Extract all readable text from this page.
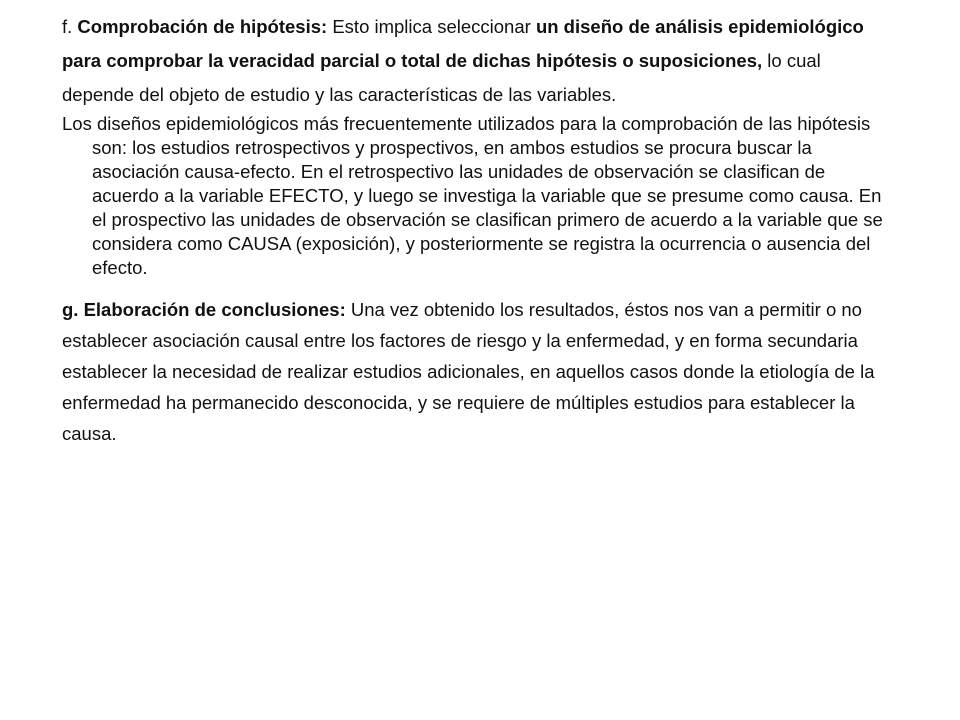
f. Comprobación de hipótesis: Esto implica seleccionar un diseño de análisis epidemiológico para comprobar la veracidad parcial o total de dichas hipótesis o suposiciones, lo cual depende del objeto de estudio y las características de las variables.

Los diseños epidemiológicos más frecuentemente utilizados para la comprobación de las hipótesis son: los estudios retrospectivos y prospectivos, en ambos estudios se procura buscar la asociación causa-efecto. En el retrospectivo las unidades de observación se clasifican de acuerdo a la variable EFECTO, y luego se investiga la variable que se presume como causa. En el prospectivo las unidades de observación se clasifican primero de acuerdo a la variable que se considera como CAUSA (exposición), y posteriormente se registra la ocurrencia o ausencia del efecto.

g. Elaboración de conclusiones: Una vez obtenido los resultados, éstos nos van a permitir o no establecer asociación causal entre los factores de riesgo y la enfermedad, y en forma secundaria establecer la necesidad de realizar estudios adicionales, en aquellos casos donde la etiología de la enfermedad ha permanecido desconocida, y se requiere de múltiples estudios para establecer la causa.
